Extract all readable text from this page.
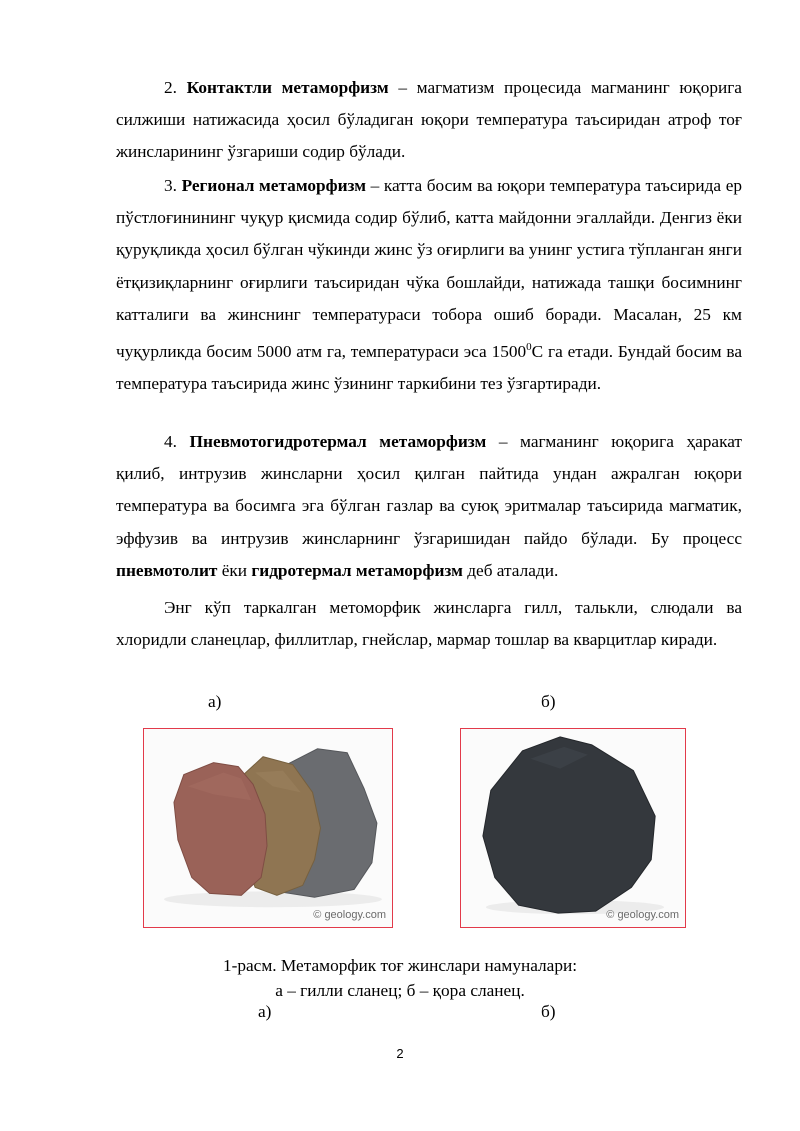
2. Контактли метаморфизм – магматизм процесида магманинг юқорига силжиши натижасида ҳосил бўладиган юқори температура таъсиридан атроф тоғ жинсларининг ўзгариши содир бўлади.

3. Регионал метаморфизм – катта босим ва юқори температура таъсирида ер пўстлоғинининг чуқур қисмида содир бўлиб, катта майдонни эгаллайди. Денгиз ёки қуруқликда ҳосил бўлган чўкинди жинс ўз оғирлиги ва унинг устига тўпланган янги ётқизиқларнинг оғирлиги таъсиридан чўка бошлайди, натижада ташқи босимнинг катталиги ва жинснинг температураси тобора ошиб боради. Масалан, 25 км чуқурликда босим 5000 атм га, температураси эса 1500$^0$С га етади. Бундай босим ва температура таъсирида жинс ўзининг таркибини тез ўзгартиради.

4. Пневмотогидротермал метаморфизм – магманинг юқорига ҳаракат қилиб, интрузив жинсларни ҳосил қилган пайтида ундан ажралган юқори температура ва босимга эга бўлган газлар ва суюқ эритмалар таъсирида магматик, эффузив ва интрузив жинсларнинг ўзгаришидан пайдо бўлади. Бу процесс пневмотолит ёки гидротермал метаморфизм деб аталади.

Энг кўп таркалган метоморфик жинсларга гилл, талькли, слюдали ва хлоридли сланецлар, филлитлар, гнейслар, мармар тошлар ва кварцитлар киради.

а)	б)
© geology.com	© geology.com
1-расм. Метаморфик тоғ жинслари намуналари:
а – гилли сланец; б – қора сланец.
а)	б)
2
